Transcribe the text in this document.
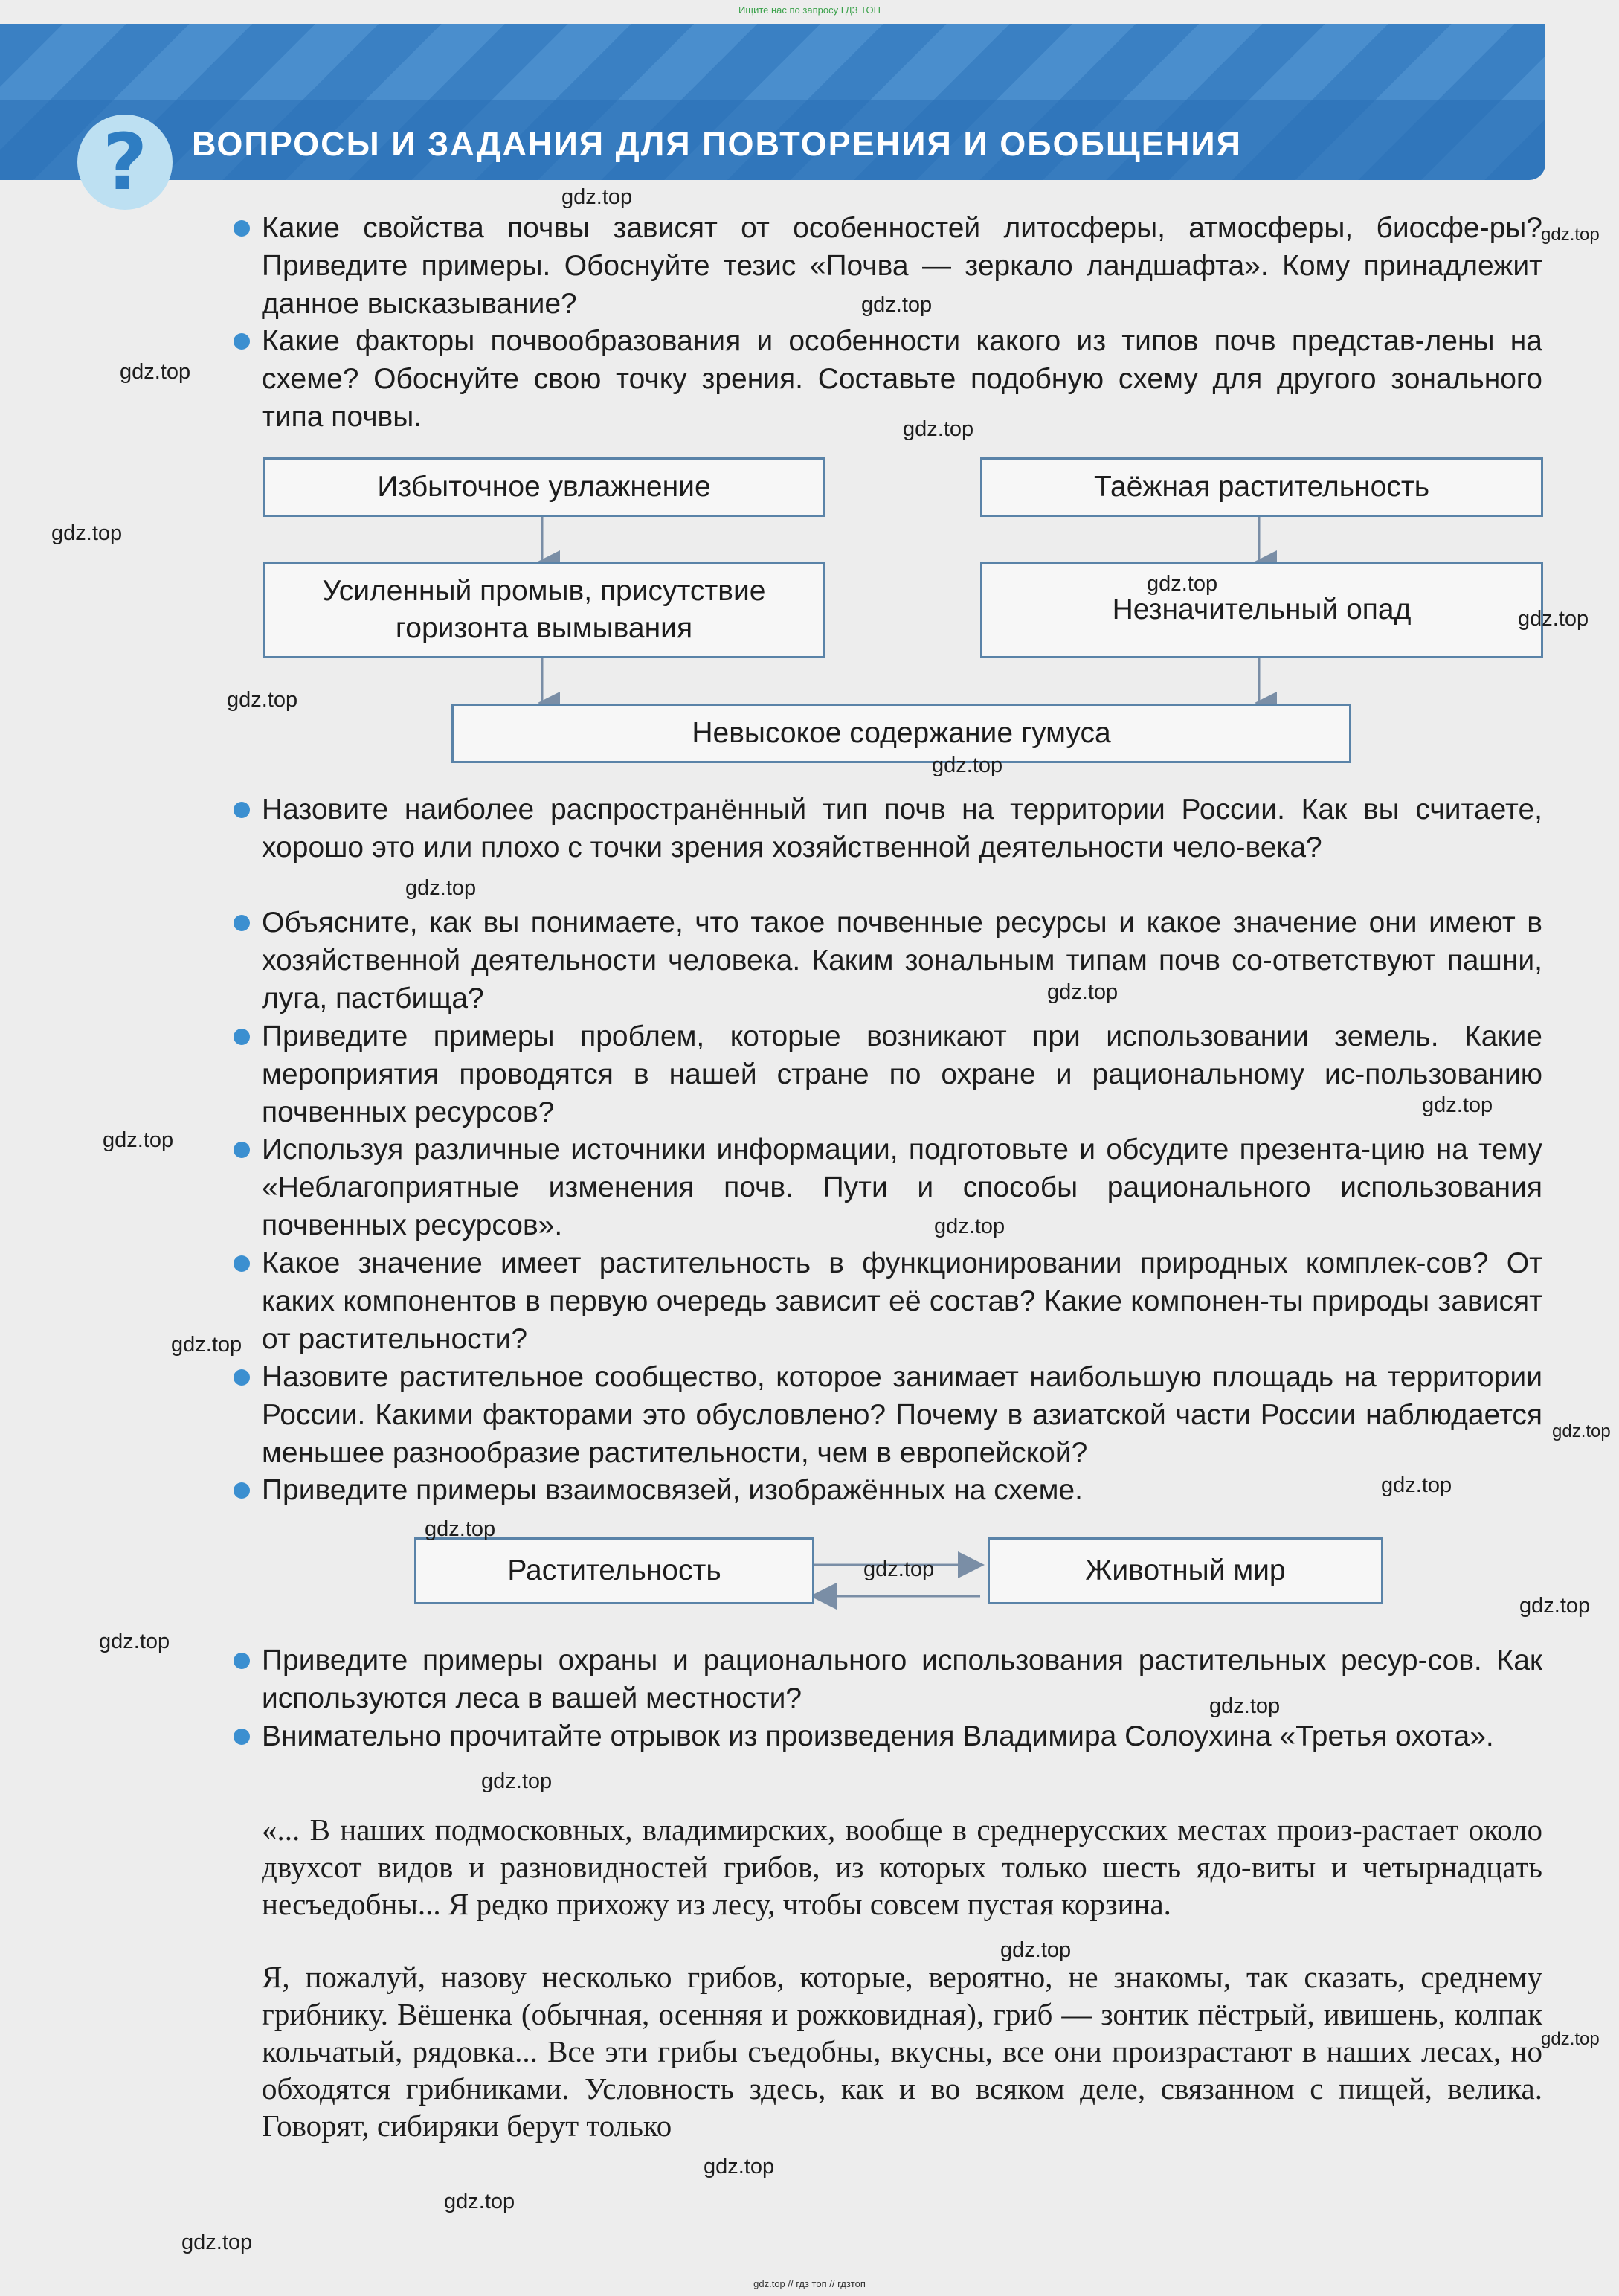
Ищите нас по запросу ГДЗ ТОП
?	ВОПРОСЫ И ЗАДАНИЯ ДЛЯ ПОВТОРЕНИЯ И ОБОБЩЕНИЯ
Какие свойства почвы зависят от особенностей литосферы, атмосферы, биосфе-ры? Приведите примеры. Обоснуйте тезис «Почва — зеркало ландшафта». Кому принадлежит данное высказывание?
Какие факторы почвообразования и особенности какого из типов почв представ-лены на схеме? Обоснуйте свою точку зрения. Составьте подобную схему для другого зонального типа почвы.
Избыточное увлажнение	Таёжная растительность
Усиленный промыв, присутствие горизонта вымывания
Незначительный опад
Невысокое содержание гумуса
Назовите наиболее распространённый тип почв на территории России. Как вы считаете, хорошо это или плохо с точки зрения хозяйственной деятельности чело-века?
Объясните, как вы понимаете, что такое почвенные ресурсы и какое значение они имеют в хозяйственной деятельности человека. Каким зональным типам почв со-ответствуют пашни, луга, пастбища?
Приведите примеры проблем, которые возникают при использовании земель. Какие мероприятия проводятся в нашей стране по охране и рациональному ис-пользованию почвенных ресурсов?
Используя различные источники информации, подготовьте и обсудите презента-цию на тему «Неблагоприятные изменения почв. Пути и способы рационального использования почвенных ресурсов».
Какое значение имеет растительность в функционировании природных комплек-сов? От каких компонентов в первую очередь зависит её состав? Какие компонен-ты природы зависят от растительности?
Назовите растительное сообщество, которое занимает наибольшую площадь на территории России. Какими факторами это обусловлено? Почему в азиатской части России наблюдается меньшее разнообразие растительности, чем в европейской?
Приведите примеры взаимосвязей, изображённых на схеме.
Растительность	Животный мир
Приведите примеры охраны и рационального использования растительных ресур-сов. Как используются леса в вашей местности?
Внимательно прочитайте отрывок из произведения Владимира Солоухина «Третья охота».
«... В наших подмосковных, владимирских, вообще в среднерусских местах произ-растает около двухсот видов и разновидностей грибов, из которых только шесть ядо-виты и четырнадцать несъедобны... Я редко прихожу из лесу, чтобы совсем пустая корзина.
Я, пожалуй, назову несколько грибов, которые, вероятно, не знакомы, так сказать, среднему грибнику. Вёшенка (обычная, осенняя и рожковидная), гриб — зонтик пёстрый, ивишень, колпак кольчатый, рядовка... Все эти грибы съедобны, вкусны, все они произрастают в наших лесах, но обходятся грибниками. Условность здесь, как и во всяком деле, связанном с пищей, велика. Говорят, сибиряки берут только
gdz.top
gdz.top
gdz.top
gdz.top
gdz.top
gdz.top
gdz.top
gdz.top
gdz.top
gdz.top
gdz.top
gdz.top
gdz.top
gdz.top
gdz.top
gdz.top
gdz.top
gdz.top
gdz.top
gdz.top
gdz.top
gdz.top
gdz.top
gdz.top
gdz.top
gdz.top
gdz.top
gdz.top
gdz.top
gdz.top // гдз топ // гдзтоп
